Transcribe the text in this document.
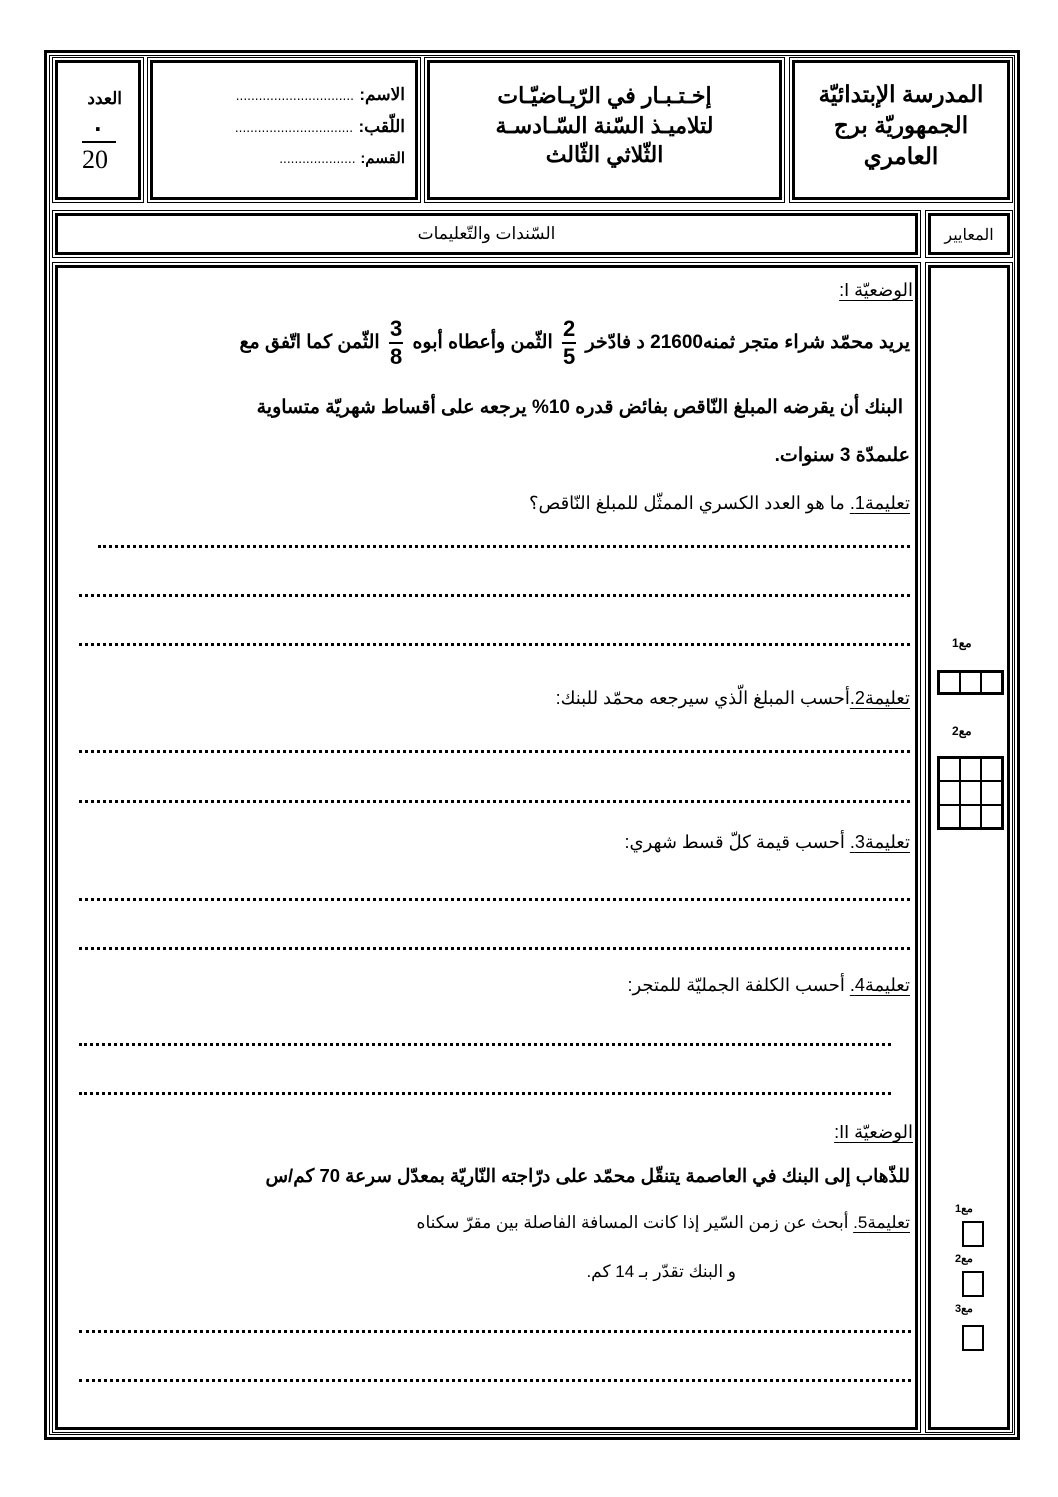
العدد
·
20
الاسم: ...............................
اللّقب: ...............................
القسم: ....................
إخـتـبـار في الرّيـاضيّـات
لتلاميـذ السّنة السّـادسـة
الثّلاثي الثّالث
المدرسة الإبتدائيّة
الجمهوريّة برج
العامري
السّندات والتّعليمات	المعايير
الوضعيّة I:
يريد محمّد شراء متجر ثمنه21600 د فادّخر
$\frac{2}{5}$
الثّمن وأعطاه أبوه
$\frac{3}{8}$
الثّمن كما اتّفق مع
البنك أن يقرضه المبلغ النّاقص بفائض قدره 10% يرجعه على أقساط شهريّة متساوية
علىمدّة 3 سنوات.
تعليمة1. ما هو العدد الكسري الممثّل للمبلغ النّاقص؟
تعليمة2.أحسب المبلغ الّذي سيرجعه محمّد للبنك:
تعليمة3. أحسب قيمة كلّ قسط شهري:
تعليمة4. أحسب الكلفة الجمليّة للمتجر:
الوضعيّة II:
للذّهاب إلى البنك في العاصمة يتنقّل محمّد على درّاجته النّاريّة بمعدّل سرعة 70 كم/س
تعليمة5. أبحث عن زمن السّير إذا كانت المسافة الفاصلة بين مقرّ سكناه
و البنك تقدّر بـ 14 كم.
مع1
مع2
مع1
مع2
مع3
